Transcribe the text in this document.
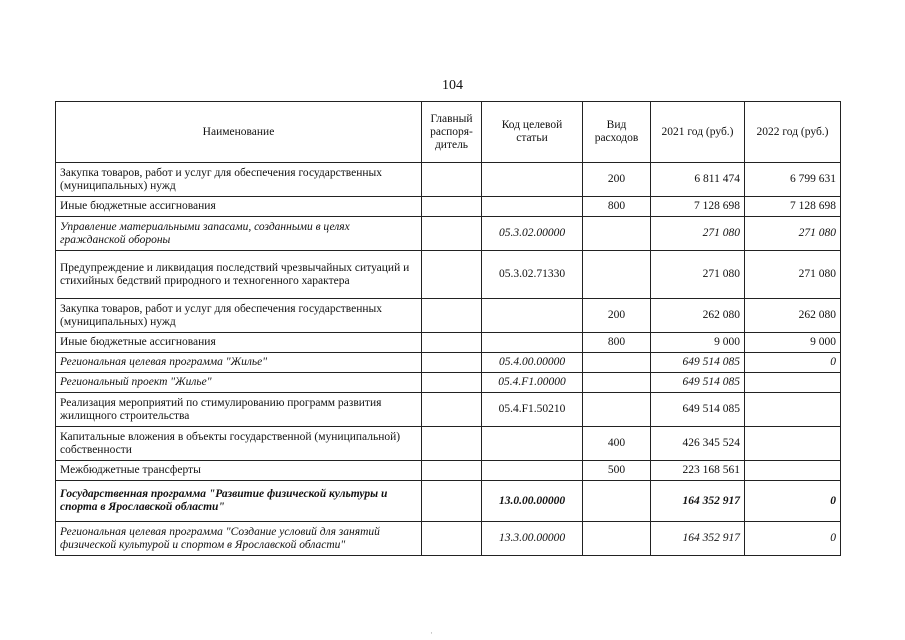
104
Наименование	Главный распоря-дитель	Код целевой статьи	Вид расходов	2021 год (руб.)	2022 год (руб.)
Закупка товаров, работ и услуг для обеспечения государственных (муниципальных) нужд			200	6 811 474	6 799 631
Иные бюджетные ассигнования			800	7 128 698	7 128 698
Управление материальными запасами, созданными в целях гражданской обороны		05.3.02.00000		271 080	271 080
Предупреждение и ликвидация последствий чрезвычайных ситуаций и стихийных бедствий природного и техногенного характера		05.3.02.71330		271 080	271 080
Закупка товаров, работ и услуг для обеспечения государственных (муниципальных) нужд			200	262 080	262 080
Иные бюджетные ассигнования			800	9 000	9 000
Региональная целевая программа "Жилье"		05.4.00.00000		649 514 085	0
Региональный проект "Жилье"		05.4.F1.00000		649 514 085	
Реализация мероприятий по стимулированию программ развития жилищного строительства		05.4.F1.50210		649 514 085	
Капитальные вложения в объекты государственной (муниципальной) собственности			400	426 345 524	
Межбюджетные трансферты			500	223 168 561	
Государственная программа "Развитие физической культуры и спорта в Ярославской области"		13.0.00.00000		164 352 917	0
Региональная целевая программа "Создание условий для занятий физической культурой и спортом в Ярославской области"		13.3.00.00000		164 352 917	0
·
